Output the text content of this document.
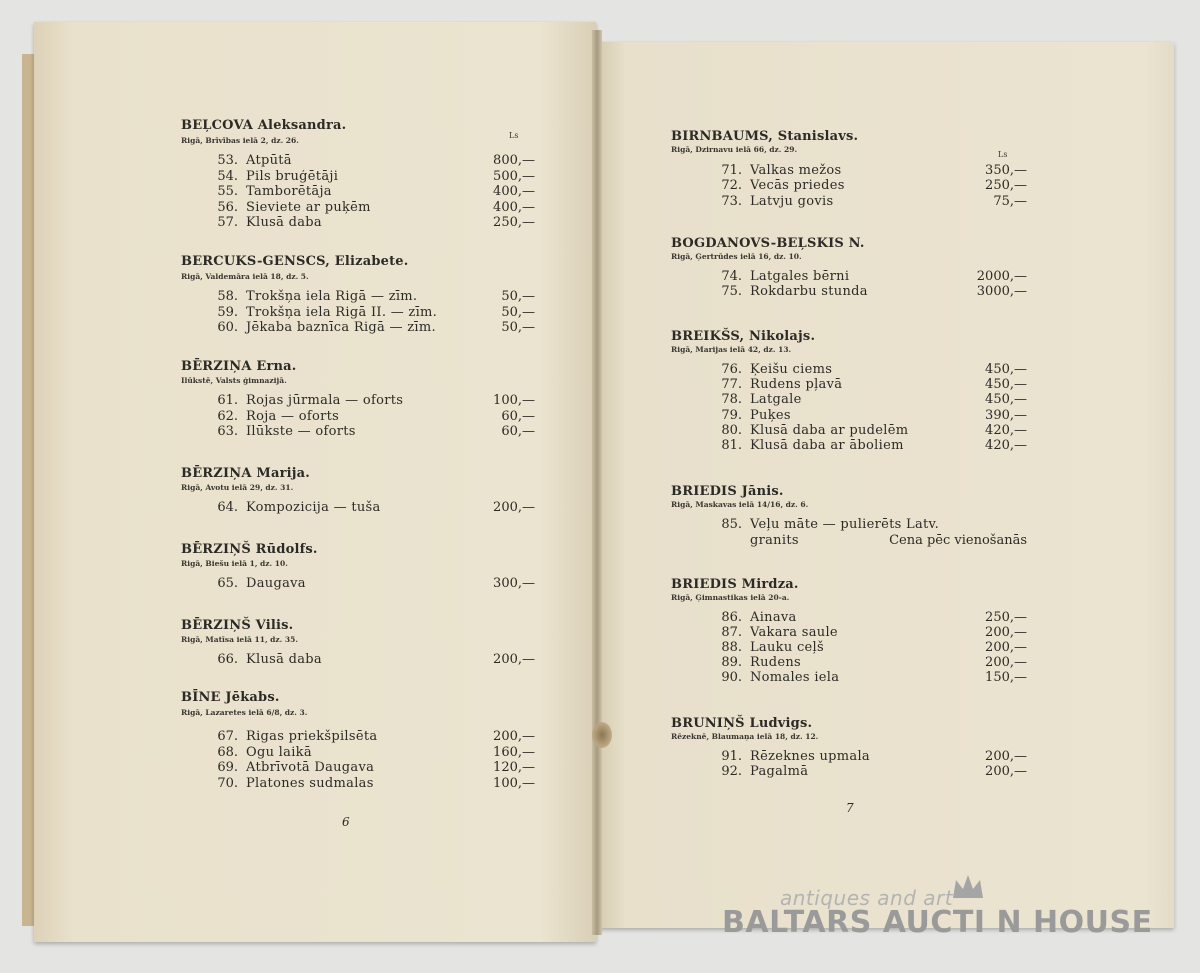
BEĻCOVA Aleksandra.
Rigā, Brīvības ielā 2, dz. 26.
53. Atpūtā	800,—
54. Pils bruģētāji	500,—
55. Tamborētāja	400,—
56. Sieviete ar puķēm	400,—
57. Klusā daba	250,—
BERCUKS-GENSCS, Elizabete.
Rigā, Valdemāra ielā 18, dz. 5.
58. Trokšņa iela Rigā — zīm.	50,—
59. Trokšņa iela Rigā II. — zīm.	50,—
60. Jēkaba baznīca Rigā — zīm.	50,—
BĒRZIŅA Erna.
Ilūkstē, Valsts ģimnazijā.
61. Rojas jūrmala — oforts	100,—
62. Roja — oforts	60,—
63. Ilūkste — oforts	60,—
BĒRZIŅA Marija.
Rigā, Avotu ielā 29, dz. 31.
64. Kompozicija — tuša	200,—
BĒRZIŅŠ Rūdolfs.
Rigā, Biešu ielā 1, dz. 10.
65. Daugava	300,—
BĒRZIŅŠ Vilis.
Rigā, Matīsa ielā 11, dz. 35.
66. Klusā daba	200,—
BĪNE Jēkabs.
Rigā, Lazaretes ielā 6/8, dz. 3.
67. Rigas priekšpilsēta	200,—
68. Ogu laikā	160,—
69. Atbrīvotā Daugava	120,—
70. Platones sudmalas	100,—
BIRNBAUMS, Stanislavs.
Rigā, Dzirnavu ielā 66, dz. 29.
71. Valkas mežos	350,—
72. Vecās priedes	250,—
73. Latvju govis	75,—
BOGDANOVS-BEĻSKIS N.
Rigā, Ģertrūdes ielā 16, dz. 10.
74. Latgales bērni	2000,—
75. Rokdarbu stunda	3000,—
BREIKŠS, Nikolajs.
Rigā, Marijas ielā 42, dz. 13.
76. Ķeišu ciems	450,—
77. Rudens pļavā	450,—
78. Latgale	450,—
79. Puķes	390,—
80. Klusā daba ar pudelēm	420,—
81. Klusā daba ar āboliem	420,—
BRIEDIS Jānis.
Rigā, Maskavas ielā 14/16, dz. 6.
85. Veļu māte — pulierēts Latv.
granits	Cena pēc vienošanās
BRIEDIS Mirdza.
Rigā, Ģimnastikas ielā 20-a.
86. Ainava	250,—
87. Vakara saule	200,—
88. Lauku ceļš	200,—
89. Rudens	200,—
90. Nomales iela	150,—
BRUNIŅŠ Ludvigs.
Rēzeknē, Blaumaņa ielā 18, dz. 12.
91. Rēzeknes upmala	200,—
92. Pagalmā	200,—
6
7
Ls
Ls
antiques and art
BALTARS AUCTI N HOUSE
